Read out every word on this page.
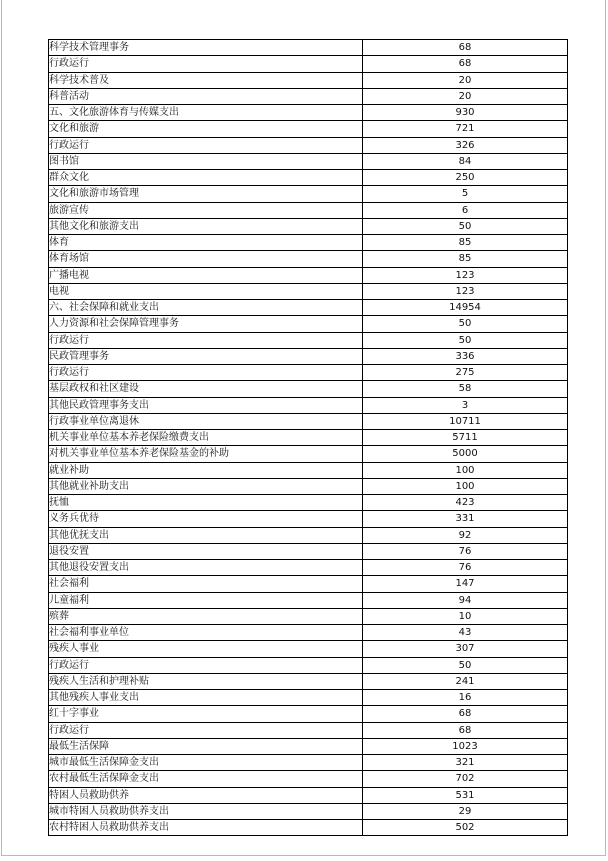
科学技术管理事务	68
行政运行	68
科学技术普及	20
科普活动	20
五、文化旅游体育与传媒支出	930
文化和旅游	721
行政运行	326
图书馆	84
群众文化	250
文化和旅游市场管理	5
旅游宣传	6
其他文化和旅游支出	50
体育	85
体育场馆	85
广播电视	123
电视	123
六、社会保障和就业支出	14954
人力资源和社会保障管理事务	50
行政运行	50
民政管理事务	336
行政运行	275
基层政权和社区建设	58
其他民政管理事务支出	3
行政事业单位离退休	10711
机关事业单位基本养老保险缴费支出	5711
对机关事业单位基本养老保险基金的补助	5000
就业补助	100
其他就业补助支出	100
抚恤	423
义务兵优待	331
其他优抚支出	92
退役安置	76
其他退役安置支出	76
社会福利	147
儿童福利	94
殡葬	10
社会福利事业单位	43
残疾人事业	307
行政运行	50
残疾人生活和护理补贴	241
其他残疾人事业支出	16
红十字事业	68
行政运行	68
最低生活保障	1023
城市最低生活保障金支出	321
农村最低生活保障金支出	702
特困人员救助供养	531
城市特困人员救助供养支出	29
农村特困人员救助供养支出	502
